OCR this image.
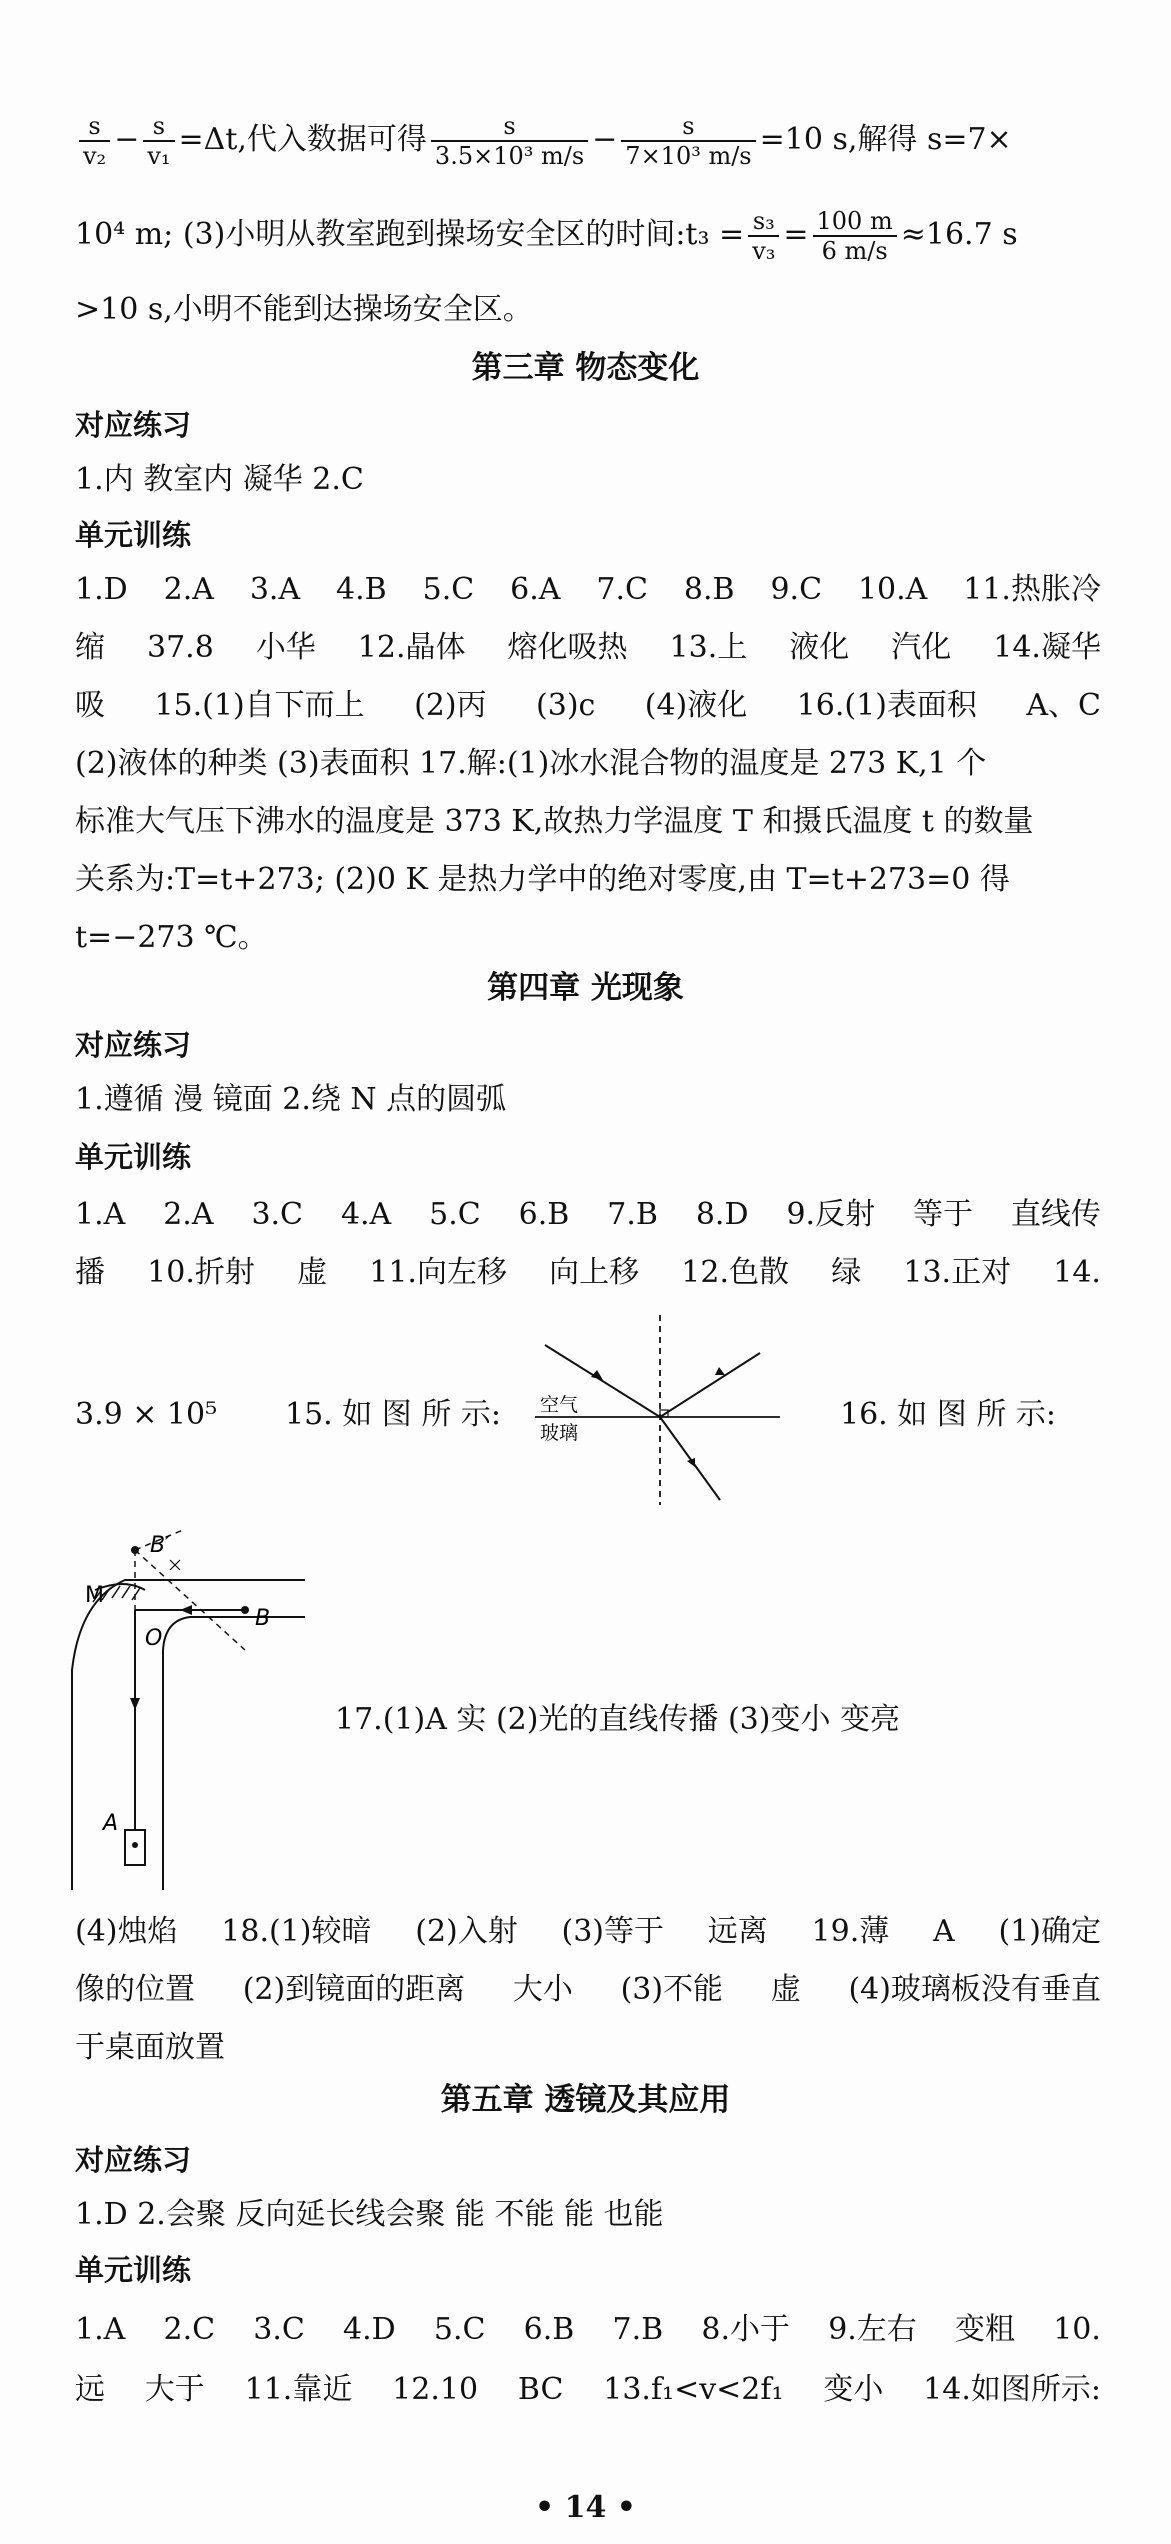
$\frac{s}{\text{v₂}} - \frac{s}{\text{v₁}} =\Delta t$,代入数据可得 $\frac{s}{\text{3.5×10³ m/s}} - \frac{s}{\text{7×10³ m/s}} =10$ s,解得 s=7×
10⁴ m; (3)小明从教室跑到操场安全区的时间:t₃ = $\frac{\text{s₃}}{\text{v₃}} = \frac{100 m}{6 m/s} \approx 16.7$ s
>10 s,小明不能到达操场安全区。
第三章 物态变化
对应练习
1.内 教室内 凝华 2.C
单元训练
1.D 2.A 3.A 4.B 5.C 6.A 7.C 8.B 9.C 10.A 11.热胀冷
缩 37.8 小华 12.晶体 熔化吸热 13.上 液化 汽化 14.凝华
吸 15.(1)自下而上 (2)丙 (3)c (4)液化 16.(1)表面积 A、C
(2)液体的种类 (3)表面积 17.解:(1)冰水混合物的温度是 273 K,1 个
标准大气压下沸水的温度是 373 K,故热力学温度 T 和摄氏温度 t 的数量
关系为:T=t+273; (2)0 K 是热力学中的绝对零度,由 T=t+273=0 得
t=−273 ℃。
第四章 光现象
对应练习
1.遵循 漫 镜面 2.绕 N 点的圆弧
单元训练
1.A 2.A 3.C 4.A 5.C 6.B 7.B 8.D 9.反射 等于 直线传
播 10.折射 虚 11.向左移 向上移 12.色散 绿 13.正对 14.
3.9 × 10⁵ 15. 如 图 所 示:	16. 如 图 所 示:
空气
玻璃
B′
M
O
B
A
17.(1)A 实 (2)光的直线传播 (3)变小 变亮
(4)烛焰 18.(1)较暗 (2)入射 (3)等于 远离 19.薄 A (1)确定
像的位置 (2)到镜面的距离 大小 (3)不能 虚 (4)玻璃板没有垂直
于桌面放置
第五章 透镜及其应用
对应练习
1.D 2.会聚 反向延长线会聚 能 不能 能 也能
单元训练
1.A 2.C 3.C 4.D 5.C 6.B 7.B 8.小于 9.左右 变粗 10.
远 大于 11.靠近 12.10 BC 13.f₁<v<2f₁ 变小 14.如图所示:
• 14 •
